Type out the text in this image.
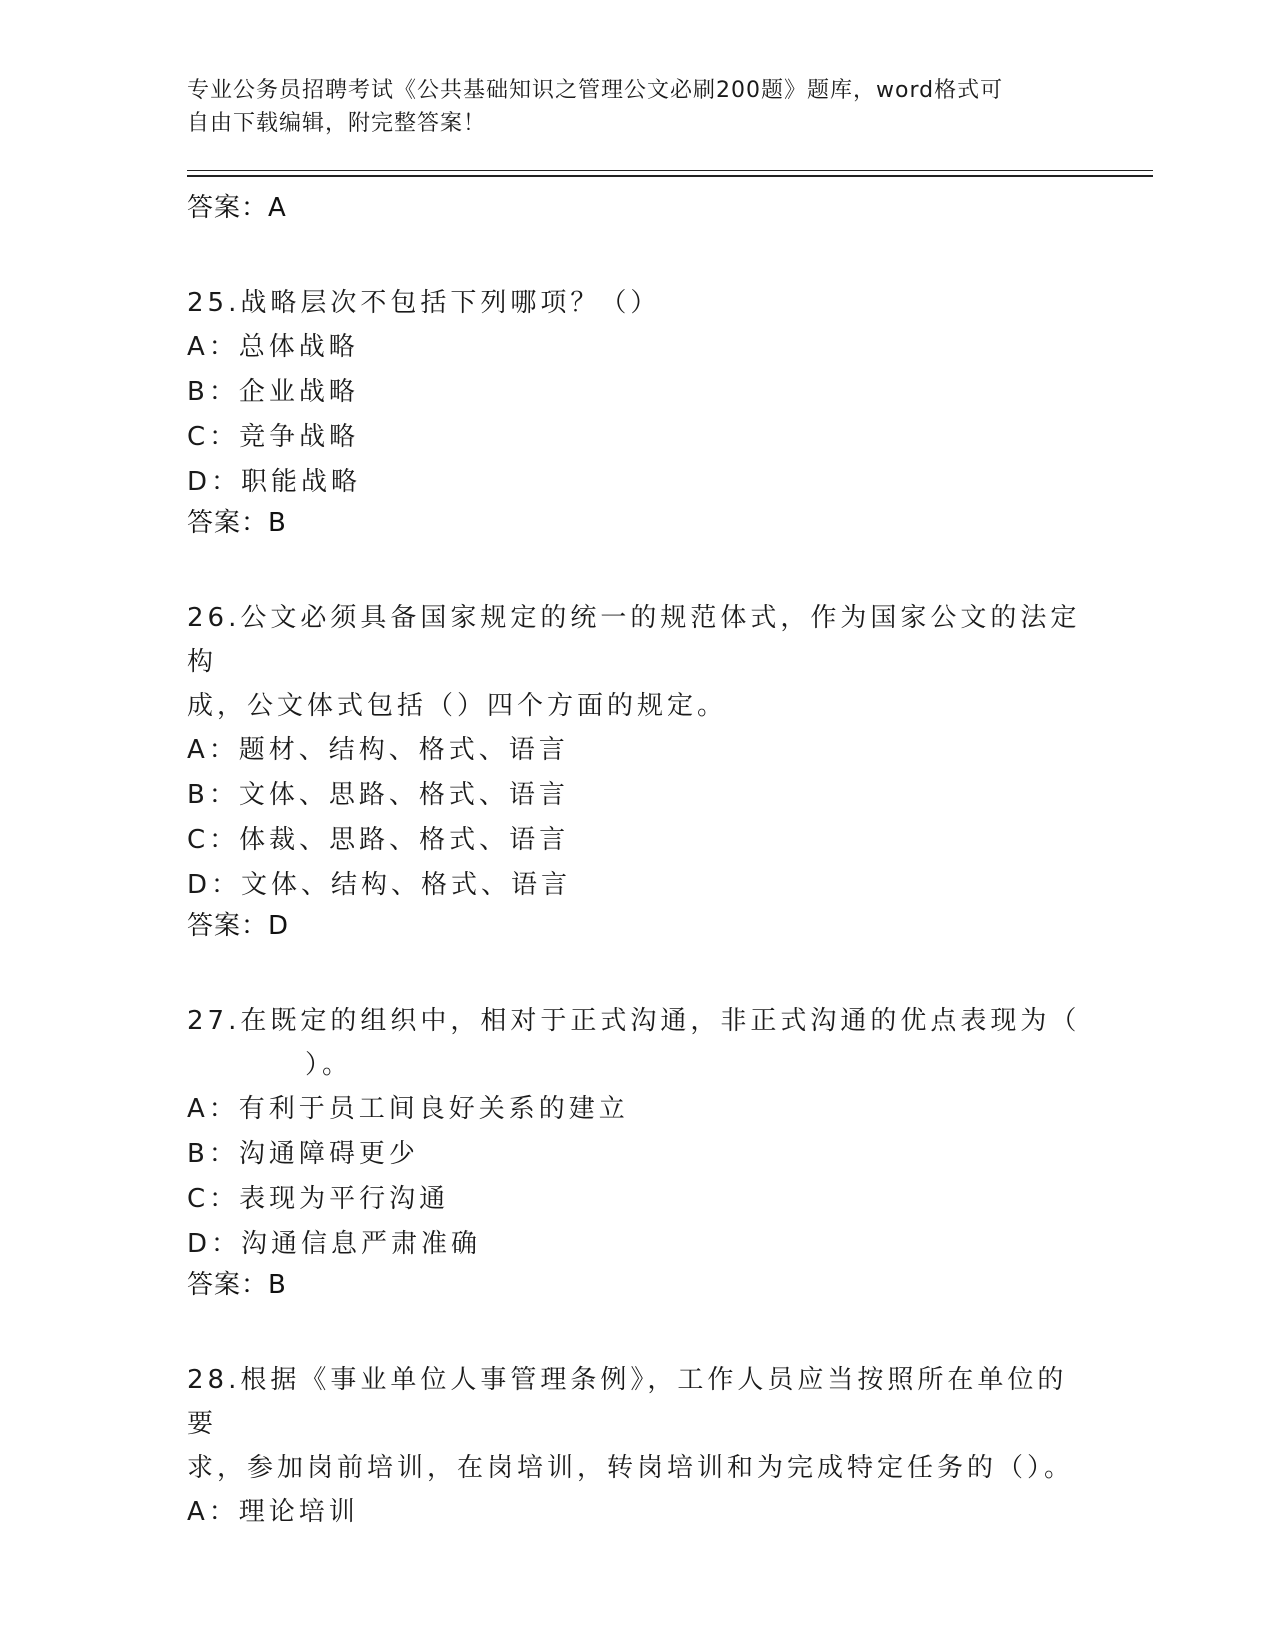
专业公务员招聘考试《公共基础知识之管理公文必刷200题》题库，word格式可
自由下载编辑，附完整答案！
答案：A
25.战略层次不包括下列哪项？（）
A：总体战略
B：企业战略
C：竞争战略
D：职能战略
答案：B
26.公文必须具备国家规定的统一的规范体式，作为国家公文的法定构
成，公文体式包括（）四个方面的规定。
A：题材、结构、格式、语言
B：文体、思路、格式、语言
C：体裁、思路、格式、语言
D：文体、结构、格式、语言
答案：D
27.在既定的组织中，相对于正式沟通，非正式沟通的优点表现为（
）。
A：有利于员工间良好关系的建立
B：沟通障碍更少
C：表现为平行沟通
D：沟通信息严肃准确
答案：B
28.根据《事业单位人事管理条例》，工作人员应当按照所在单位的要
求，参加岗前培训，在岗培训，转岗培训和为完成特定任务的（）。
A：理论培训
